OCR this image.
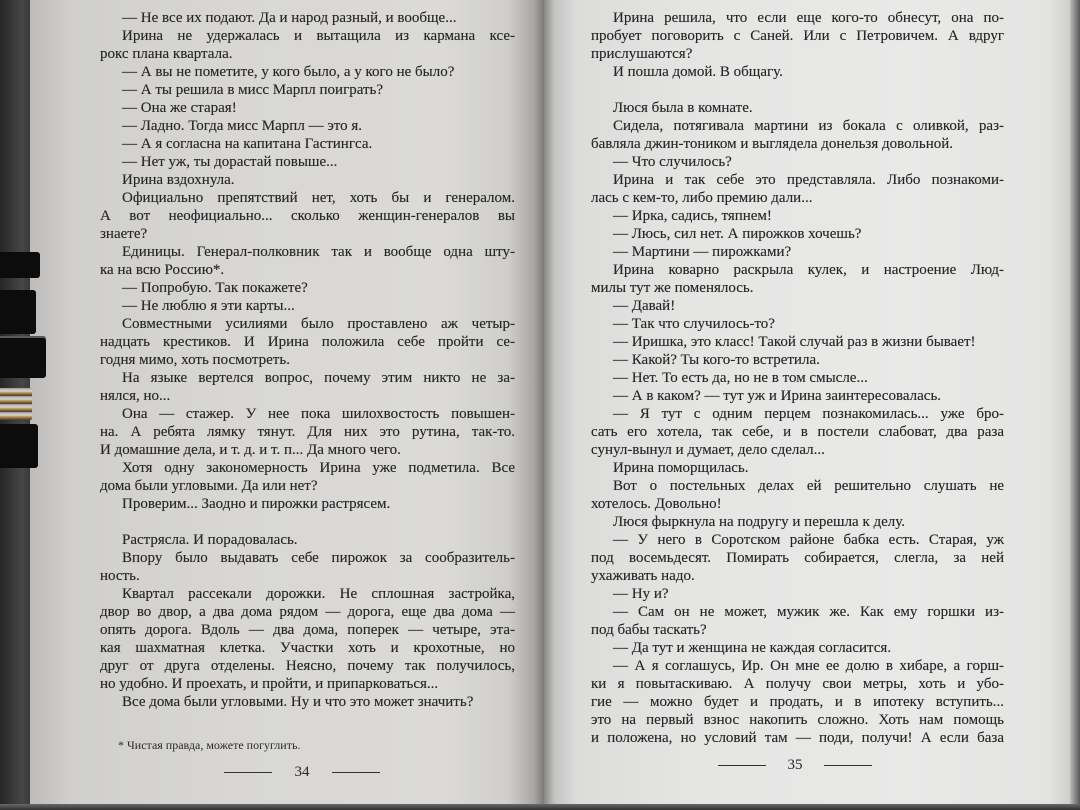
— Не все их подают. Да и народ разный, и вообще...
Ирина не удержалась и вытащила из кармана ксе-
рокс плана квартала.
— А вы не пометите, у кого было, а у кого не было?
— А ты решила в мисс Марпл поиграть?
— Она же старая!
— Ладно. Тогда мисс Марпл — это я.
— А я согласна на капитана Гастингса.
— Нет уж, ты дорастай повыше...
Ирина вздохнула.
Официально препятствий нет, хоть бы и генералом.
А вот неофициально... сколько женщин-генералов вы
знаете?
Единицы. Генерал-полковник так и вообще одна шту-
ка на всю Россию*.
— Попробую. Так покажете?
— Не люблю я эти карты...
Совместными усилиями было проставлено аж четыр-
надцать крестиков. И Ирина положила себе пройти се-
годня мимо, хоть посмотреть.
На языке вертелся вопрос, почему этим никто не за-
нялся, но...
Она — стажер. У нее пока шилохвостость повышен-
на. А ребята лямку тянут. Для них это рутина, так-то.
И домашние дела, и т. д. и т. п... Да много чего.
Хотя одну закономерность Ирина уже подметила. Все
дома были угловыми. Да или нет?
Проверим... Заодно и пирожки растрясем.
Растрясла. И порадовалась.
Впору было выдавать себе пирожок за сообразитель-
ность.
Квартал рассекали дорожки. Не сплошная застройка,
двор во двор, а два дома рядом — дорога, еще два дома —
опять дорога. Вдоль — два дома, поперек — четыре, эта-
кая шахматная клетка. Участки хоть и крохотные, но
друг от друга отделены. Неясно, почему так получилось,
но удобно. И проехать, и пройти, и припарковаться...
Все дома были угловыми. Ну и что это может значить?
Ирина решила, что если еще кого-то обнесут, она по-
пробует поговорить с Саней. Или с Петровичем. А вдруг
прислушаются?
И пошла домой. В общагу.
Люся была в комнате.
Сидела, потягивала мартини из бокала с оливкой, раз-
бавляла джин-тоником и выглядела донельзя довольной.
— Что случилось?
Ирина и так себе это представляла. Либо познакоми-
лась с кем-то, либо премию дали...
— Ирка, садись, тяпнем!
— Люсь, сил нет. А пирожков хочешь?
— Мартини — пирожками?
Ирина коварно раскрыла кулек, и настроение Люд-
милы тут же поменялось.
— Давай!
— Так что случилось-то?
— Иришка, это класс! Такой случай раз в жизни бывает!
— Какой? Ты кого-то встретила.
— Нет. То есть да, но не в том смысле...
— А в каком? — тут уж и Ирина заинтересовалась.
— Я тут с одним перцем познакомилась... уже бро-
сать его хотела, так себе, и в постели слабоват, два раза
сунул-вынул и думает, дело сделал...
Ирина поморщилась.
Вот о постельных делах ей решительно слушать не
хотелось. Довольно!
Люся фыркнула на подругу и перешла к делу.
— У него в Соротском районе бабка есть. Старая, уж
под восемьдесят. Помирать собирается, слегла, за ней
ухаживать надо.
— Ну и?
— Сам он не может, мужик же. Как ему горшки из-
под бабы таскать?
— Да тут и женщина не каждая согласится.
— А я соглашусь, Ир. Он мне ее долю в хибаре, а горш-
ки я повытаскиваю. А получу свои метры, хоть и убо-
гие — можно будет и продать, и в ипотеку вступить...
это на первый взнос накопить сложно. Хоть нам помощь
и положена, но условий там — поди, получи! А если база
* Чистая правда, можете погуглить.
34	35
